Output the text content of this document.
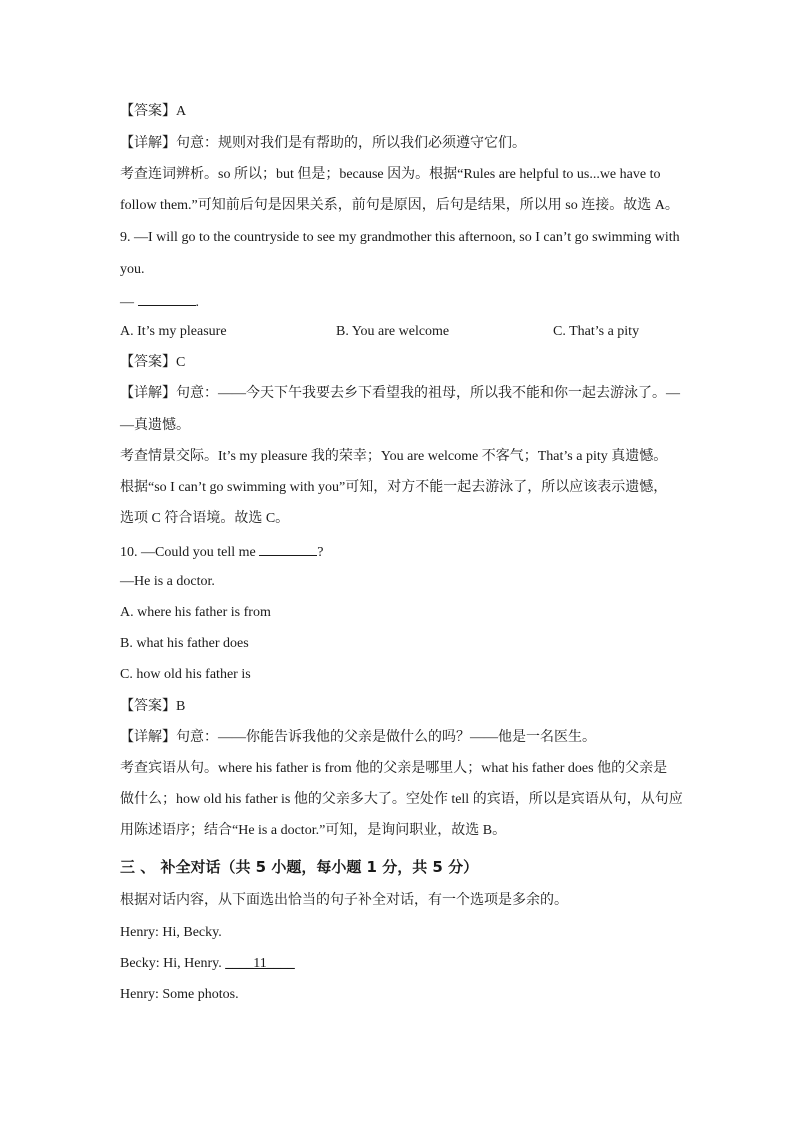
【答案】A
【详解】句意：规则对我们是有帮助的，所以我们必须遵守它们。
考查连词辨析。so 所以；but 但是；because 因为。根据“Rules are helpful to us...we have to
follow them.”可知前后句是因果关系，前句是原因，后句是结果，所以用 so 连接。故选 A。
9. —I will go to the countryside to see my grandmother this afternoon, so I can’t go swimming with
you.
—	.
A. It’s my pleasure	B. You are welcome	C. That’s a pity
【答案】C
【详解】句意：——今天下午我要去乡下看望我的祖母，所以我不能和你一起去游泳了。—
—真遗憾。
考查情景交际。It’s my pleasure 我的荣幸；You are welcome 不客气；That’s a pity 真遗憾。
根据“so I can’t go swimming with you”可知，对方不能一起去游泳了，所以应该表示遗憾，
选项 C 符合语境。故选 C。
10. —Could you tell me	?
—He is a doctor.
A. where his father is from
B. what his father does
C. how old his father is
【答案】B
【详解】句意：——你能告诉我他的父亲是做什么的吗？——他是一名医生。
考查宾语从句。where his father is from 他的父亲是哪里人；what his father does 他的父亲是
做什么；how old his father is 他的父亲多大了。空处作 tell 的宾语，所以是宾语从句，从句应
用陈述语序；结合“He is a doctor.”可知，是询问职业，故选 B。
三 、 补全对话（共 5 小题，每小题 1 分，共 5 分）
根据对话内容，从下面选出恰当的句子补全对话，有一个选项是多余的。
Henry: Hi, Becky.
Becky: Hi, Henry. ____11____
Henry: Some photos.
